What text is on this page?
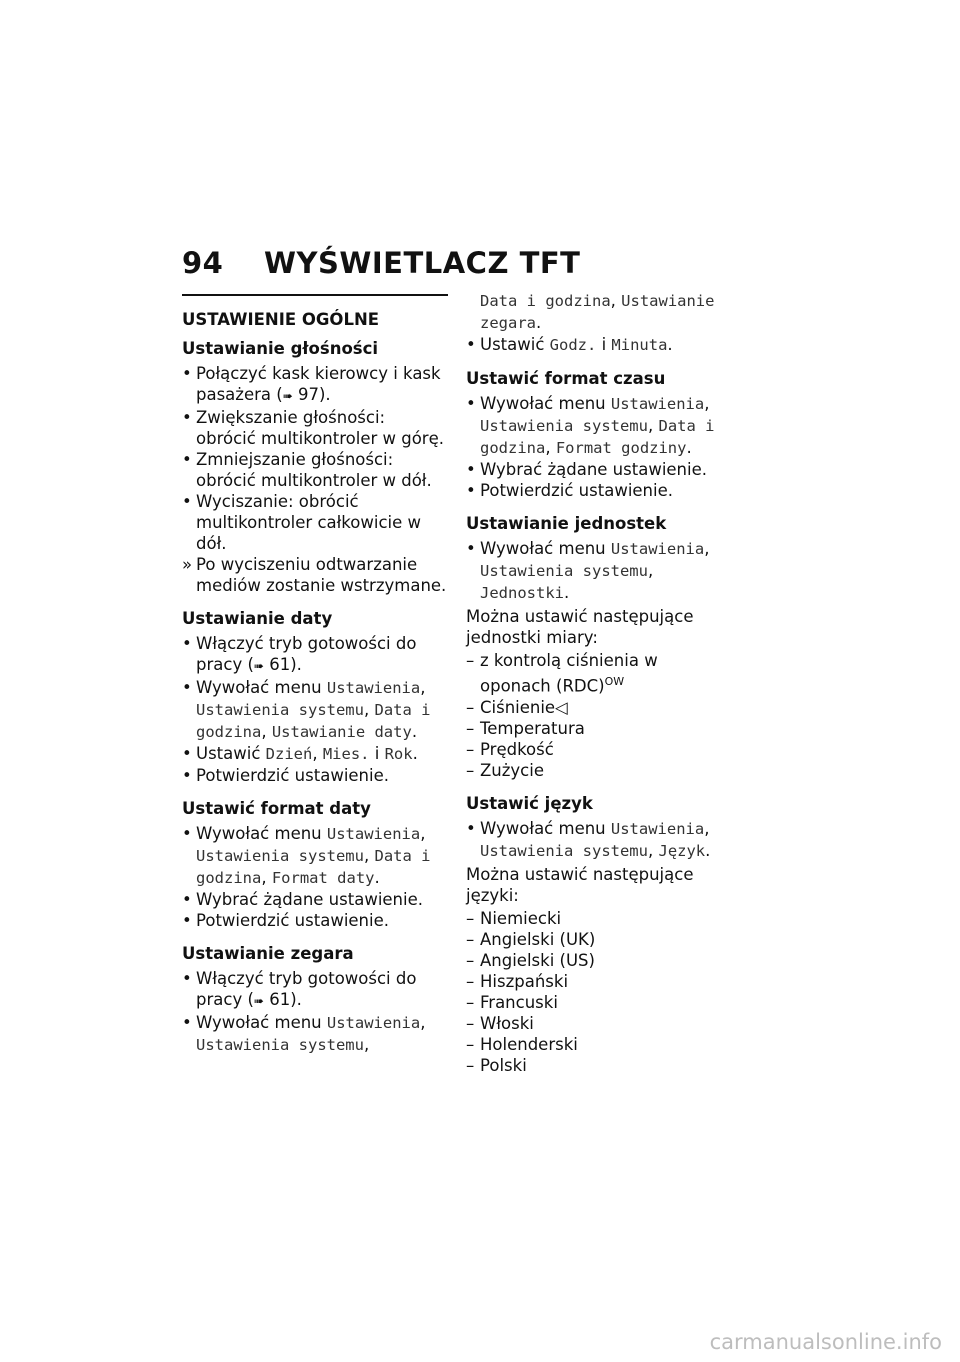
94 WYŚWIETLACZ TFT
USTAWIENIE OGÓLNE
Ustawianie głośności
• Połączyć kask kierowcy i kask pasażera (➠ 97).
• Zwiększanie głośności: obrócić multikontroler w górę.
• Zmniejszanie głośności: obrócić multikontroler w dół.
• Wyciszanie: obrócić multikontroler całkowicie w dół.
» Po wyciszeniu odtwarzanie mediów zostanie wstrzymane.
Ustawianie daty
• Włączyć tryb gotowości do pracy (➠ 61).
• Wywołać menu Ustawienia, Ustawienia systemu, Data i godzina, Ustawianie daty.
• Ustawić Dzień, Mies. i Rok.
• Potwierdzić ustawienie.
Ustawić format daty
• Wywołać menu Ustawienia, Ustawienia systemu, Data i godzina, Format daty.
• Wybrać żądane ustawienie.
• Potwierdzić ustawienie.
Ustawianie zegara
• Włączyć tryb gotowości do pracy (➠ 61).
• Wywołać menu Ustawienia, Ustawienia systemu,
Data i godzina, Ustawianie zegara.
• Ustawić Godz. i Minuta.
Ustawić format czasu
• Wywołać menu Ustawienia, Ustawienia systemu, Data i godzina, Format godziny.
• Wybrać żądane ustawienie.
• Potwierdzić ustawienie.
Ustawianie jednostek
• Wywołać menu Ustawienia, Ustawienia systemu, Jednostki.
Można ustawić następujące jednostki miary:
– z kontrolą ciśnienia w oponach (RDC)$^{OW}$
– Ciśnienie◁
– Temperatura
– Prędkość
– Zużycie
Ustawić język
• Wywołać menu Ustawienia, Ustawienia systemu, Język.
Można ustawić następujące języki:
– Niemiecki
– Angielski (UK)
– Angielski (US)
– Hiszpański
– Francuski
– Włoski
– Holenderski
– Polski
carmanualsonline.info
